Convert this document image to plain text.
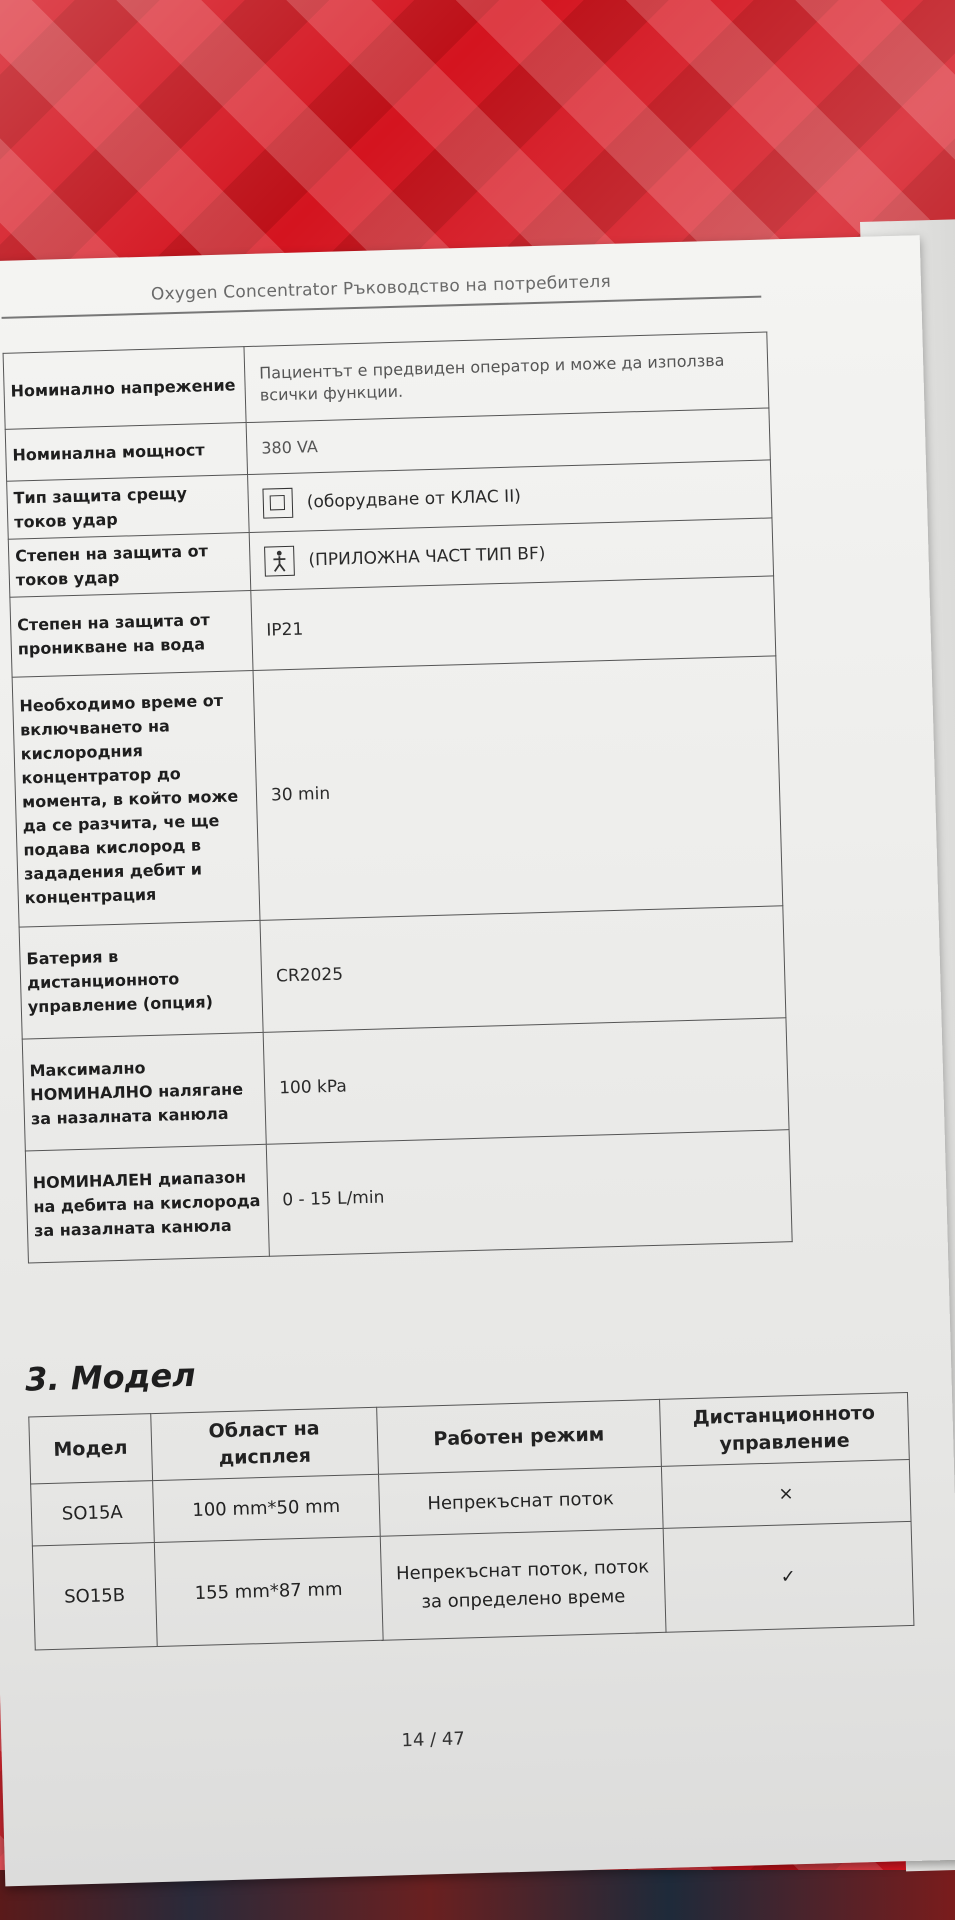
Oxygen Concentrator Ръководство на потребителя
Номинално напрежение	Пациентът е предвиден оператор и може да използва всички функции.
Номинална мощност	380 VA
Тип защита срещу токов удар	(оборудване от КЛАС II)
Степен на защита от токов удар	(ПРИЛОЖНА ЧАСТ ТИП BF)
Степен на защита от проникване на вода	IP21
Необходимо време от включването на кислородния концентратор до момента, в който може да се разчита, че ще подава кислород в зададения дебит и концентрация	30 min
Батерия в дистанционното управление (опция)	CR2025
Максимално НОМИНАЛНО налягане за назалната канюла	100 kPa
НОМИНАЛЕН диапазон на дебита на кислорода за назалната канюла	0 - 15 L/min
3. Модел
Модел	Област на дисплея	Работен режим	Дистанционното управление
SO15A	100 mm*50 mm	Непрекъснат поток	×
SO15B	155 mm*87 mm	Непрекъснат поток, поток за определено време	✓
14 / 47
